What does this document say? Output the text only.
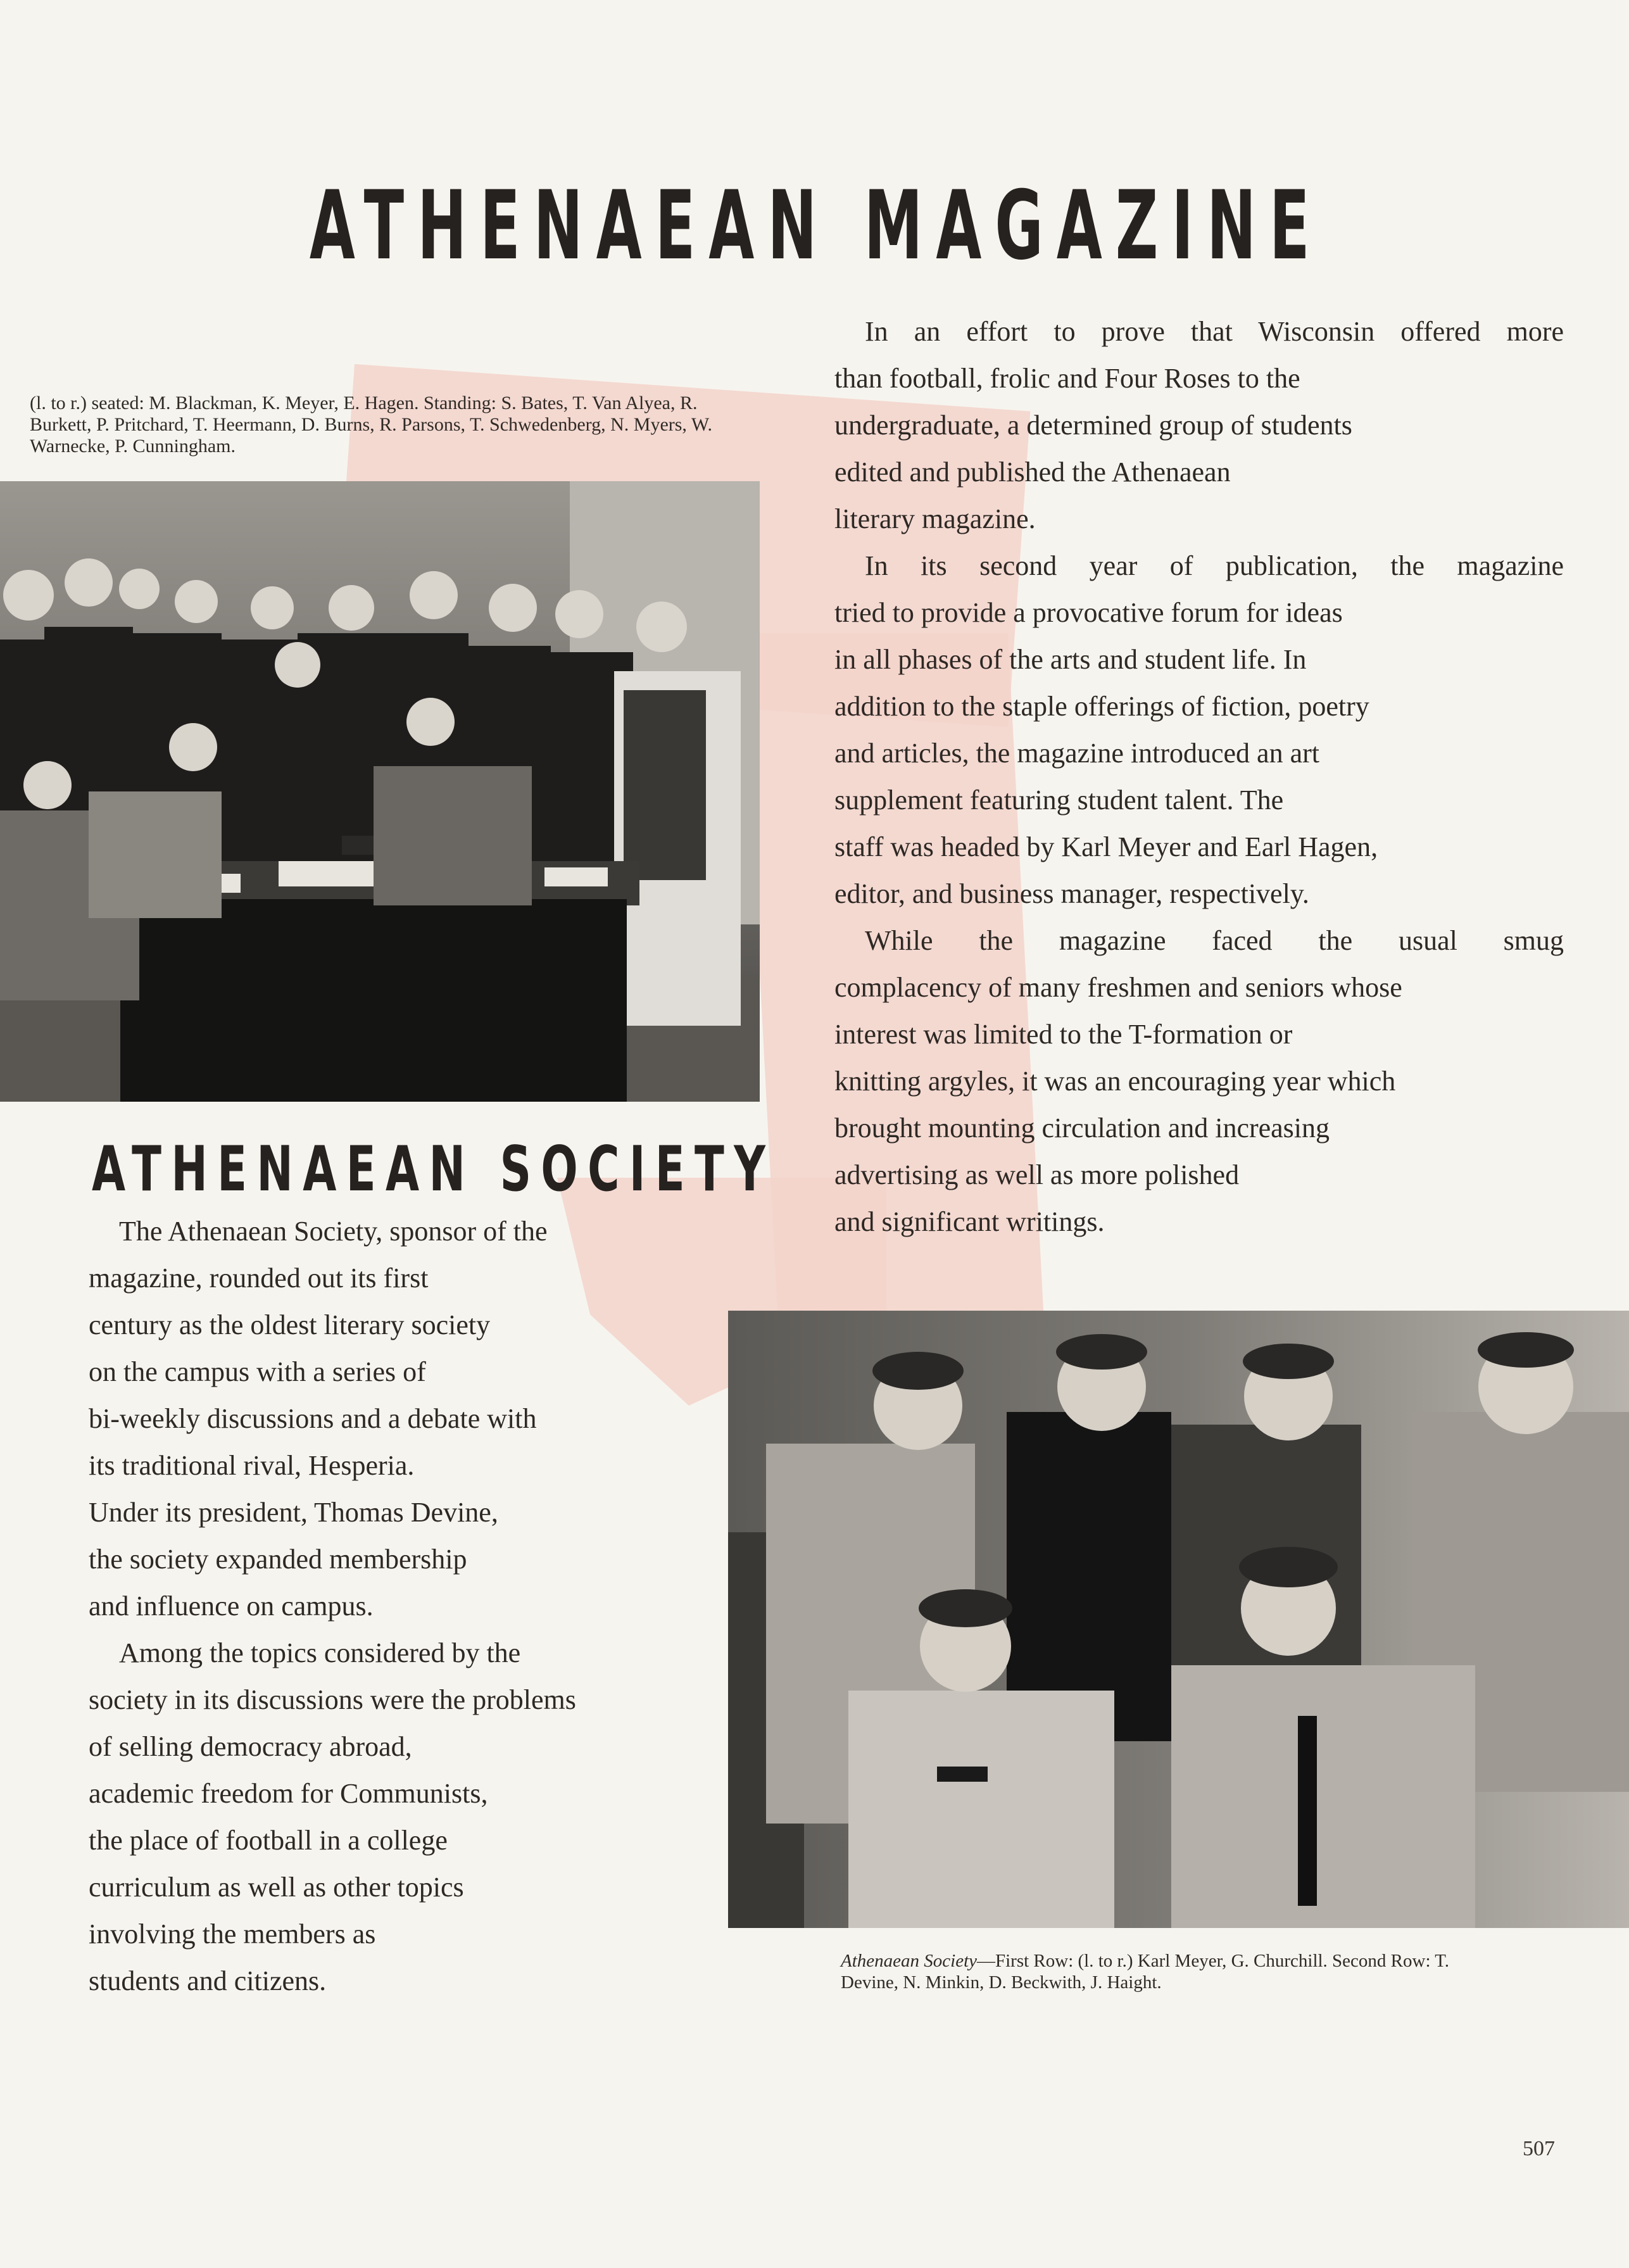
ATHENAEAN MAGAZINE
(l. to r.) seated: M. Blackman, K. Meyer, E. Hagen. Standing: S. Bates, T. Van Alyea, R. Burkett, P. Pritchard, T. Heermann, D. Burns, R. Parsons, T. Schwedenberg, N. Myers, W. Warnecke, P. Cunningham.

In an effort to prove that Wisconsin offered more
than football, frolic and Four Roses to the
undergraduate, a determined group of students
edited and published the Athenaean
literary magazine.

In its second year of publication, the magazine
tried to provide a provocative forum for ideas
in all phases of the arts and student life. In
addition to the staple offerings of fiction, poetry
and articles, the magazine introduced an art
supplement featuring student talent. The
staff was headed by Karl Meyer and Earl Hagen,
editor, and business manager, respectively.

While the magazine faced the usual smug
complacency of many freshmen and seniors whose
interest was limited to the T-formation or
knitting argyles, it was an encouraging year which
brought mounting circulation and increasing
advertising as well as more polished
and significant writings.

ATHENAEAN SOCIETY

The Athenaean Society, sponsor of the
magazine, rounded out its first
century as the oldest literary society
on the campus with a series of
bi-weekly discussions and a debate with
its traditional rival, Hesperia.
Under its president, Thomas Devine,
the society expanded membership
and influence on campus.

Among the topics considered by the
society in its discussions were the problems
of selling democracy abroad,
academic freedom for Communists,
the place of football in a college
curriculum as well as other topics
involving the members as
students and citizens.

Athenaean Society—First Row: (l. to r.) Karl Meyer, G. Churchill. Second Row: T. Devine, N. Minkin, D. Beckwith, J. Haight.
507
